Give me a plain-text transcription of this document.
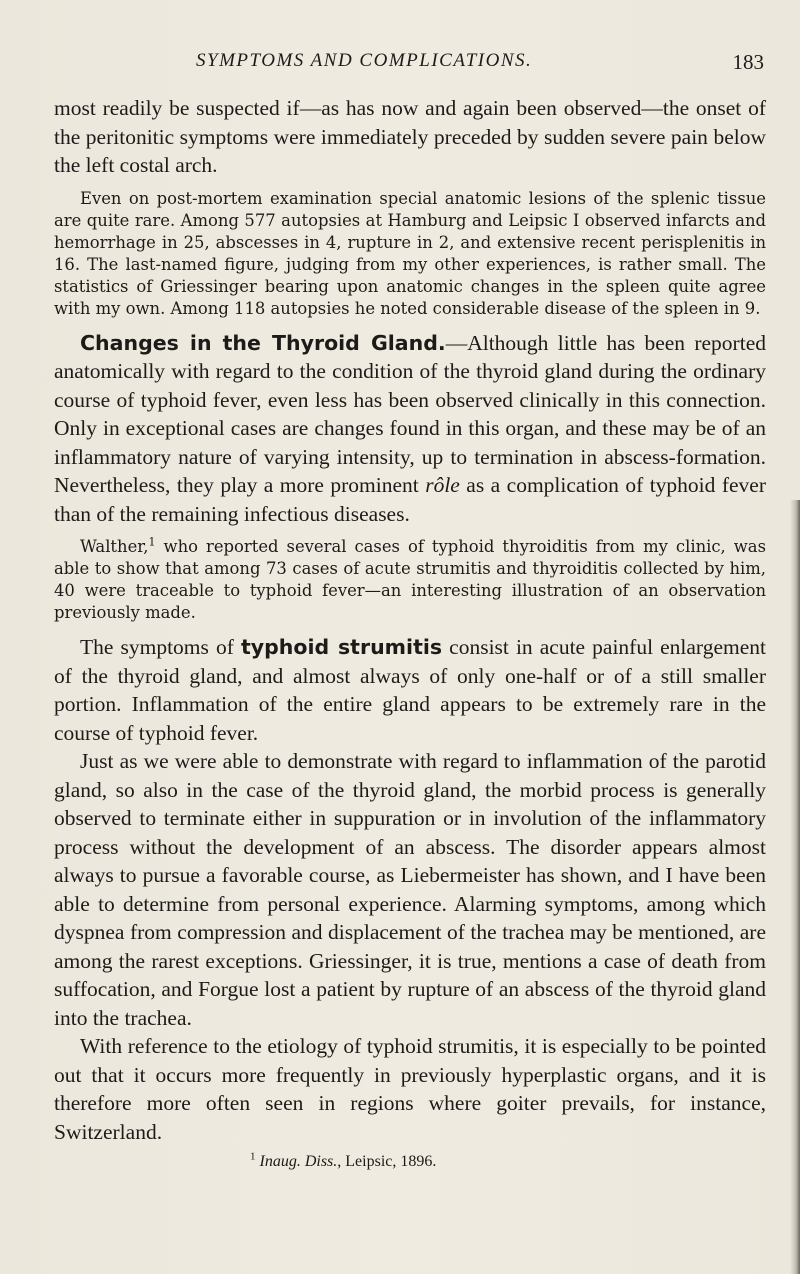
SYMPTOMS AND COMPLICATIONS.	183

most readily be suspected if—as has now and again been observed—the onset of the peritonitic symptoms were immediately preceded by sudden severe pain below the left costal arch.

Even on post-mortem examination special anatomic lesions of the splenic tissue are quite rare. Among 577 autopsies at Hamburg and Leipsic I observed infarcts and hemorrhage in 25, abscesses in 4, rupture in 2, and extensive recent perisplenitis in 16. The last-named figure, judging from my other experiences, is rather small. The statistics of Griessinger bearing upon anatomic changes in the spleen quite agree with my own. Among 118 autopsies he noted considerable disease of the spleen in 9.

Changes in the Thyroid Gland.—Although little has been reported anatomically with regard to the condition of the thyroid gland during the ordinary course of typhoid fever, even less has been observed clinically in this connection. Only in exceptional cases are changes found in this organ, and these may be of an inflammatory nature of varying intensity, up to termination in abscess-formation. Nevertheless, they play a more prominent rôle as a complication of typhoid fever than of the remaining infectious diseases.

Walther,$^1$ who reported several cases of typhoid thyroiditis from my clinic, was able to show that among 73 cases of acute strumitis and thyroiditis collected by him, 40 were traceable to typhoid fever—an interesting illustration of an observation previously made.

The symptoms of typhoid strumitis consist in acute painful enlargement of the thyroid gland, and almost always of only one-half or of a still smaller portion. Inflammation of the entire gland appears to be extremely rare in the course of typhoid fever.

Just as we were able to demonstrate with regard to inflammation of the parotid gland, so also in the case of the thyroid gland, the morbid process is generally observed to terminate either in suppuration or in involution of the inflammatory process without the development of an abscess. The disorder appears almost always to pursue a favorable course, as Liebermeister has shown, and I have been able to determine from personal experience. Alarming symptoms, among which dyspnea from compression and displacement of the trachea may be mentioned, are among the rarest exceptions. Griessinger, it is true, mentions a case of death from suffocation, and Forgue lost a patient by rupture of an abscess of the thyroid gland into the trachea.

With reference to the etiology of typhoid strumitis, it is especially to be pointed out that it occurs more frequently in previously hyperplastic organs, and it is therefore more often seen in regions where goiter prevails, for instance, Switzerland.

$^1$ Inaug. Diss., Leipsic, 1896.
